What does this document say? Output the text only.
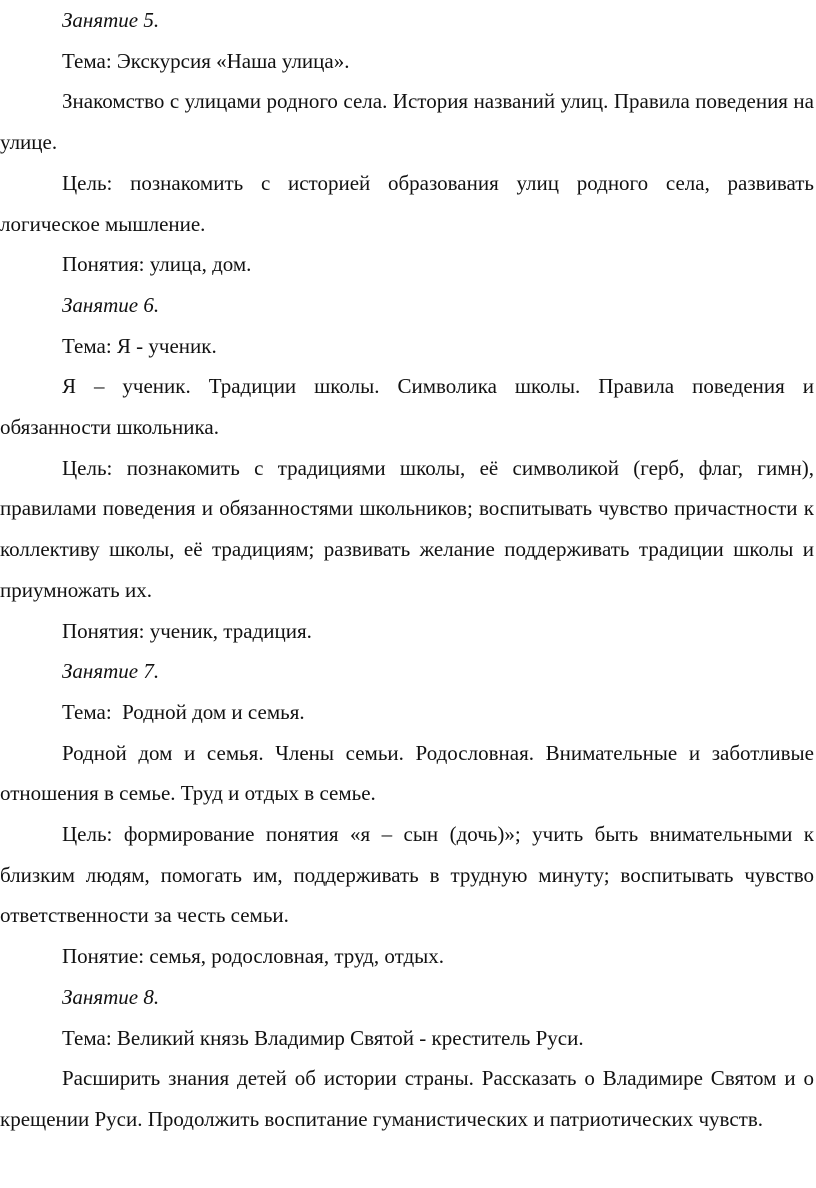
Занятие 5.

Тема: Экскурсия «Наша улица».

Знакомство с улицами родного села. История названий улиц. Правила поведения на улице.

Цель: познакомить с историей образования улиц родного села, развивать логическое мышление.

Понятия: улица, дом.

Занятие 6.

Тема: Я - ученик.

Я – ученик. Традиции школы. Символика школы. Правила поведения и обязанности школьника.

Цель: познакомить с традициями школы, её символикой (герб, флаг, гимн), правилами поведения и обязанностями школьников; воспитывать чувство причастности к коллективу школы, её традициям; развивать желание поддерживать традиции школы и приумножать их.

Понятия: ученик, традиция.

Занятие 7.

Тема:  Родной дом и семья.

Родной дом и семья. Члены семьи. Родословная. Внимательные и заботливые отношения в семье. Труд и отдых в семье.

Цель: формирование понятия «я – сын (дочь)»; учить быть внимательными к близким людям, помогать им, поддерживать в трудную минуту; воспитывать чувство ответственности за честь семьи.

Понятие: семья, родословная, труд, отдых.

Занятие 8.

Тема: Великий князь Владимир Святой - креститель Руси.

Расширить знания детей об истории страны. Рассказать о Владимире Святом и о крещении Руси. Продолжить воспитание гуманистических и патриотических чувств.
